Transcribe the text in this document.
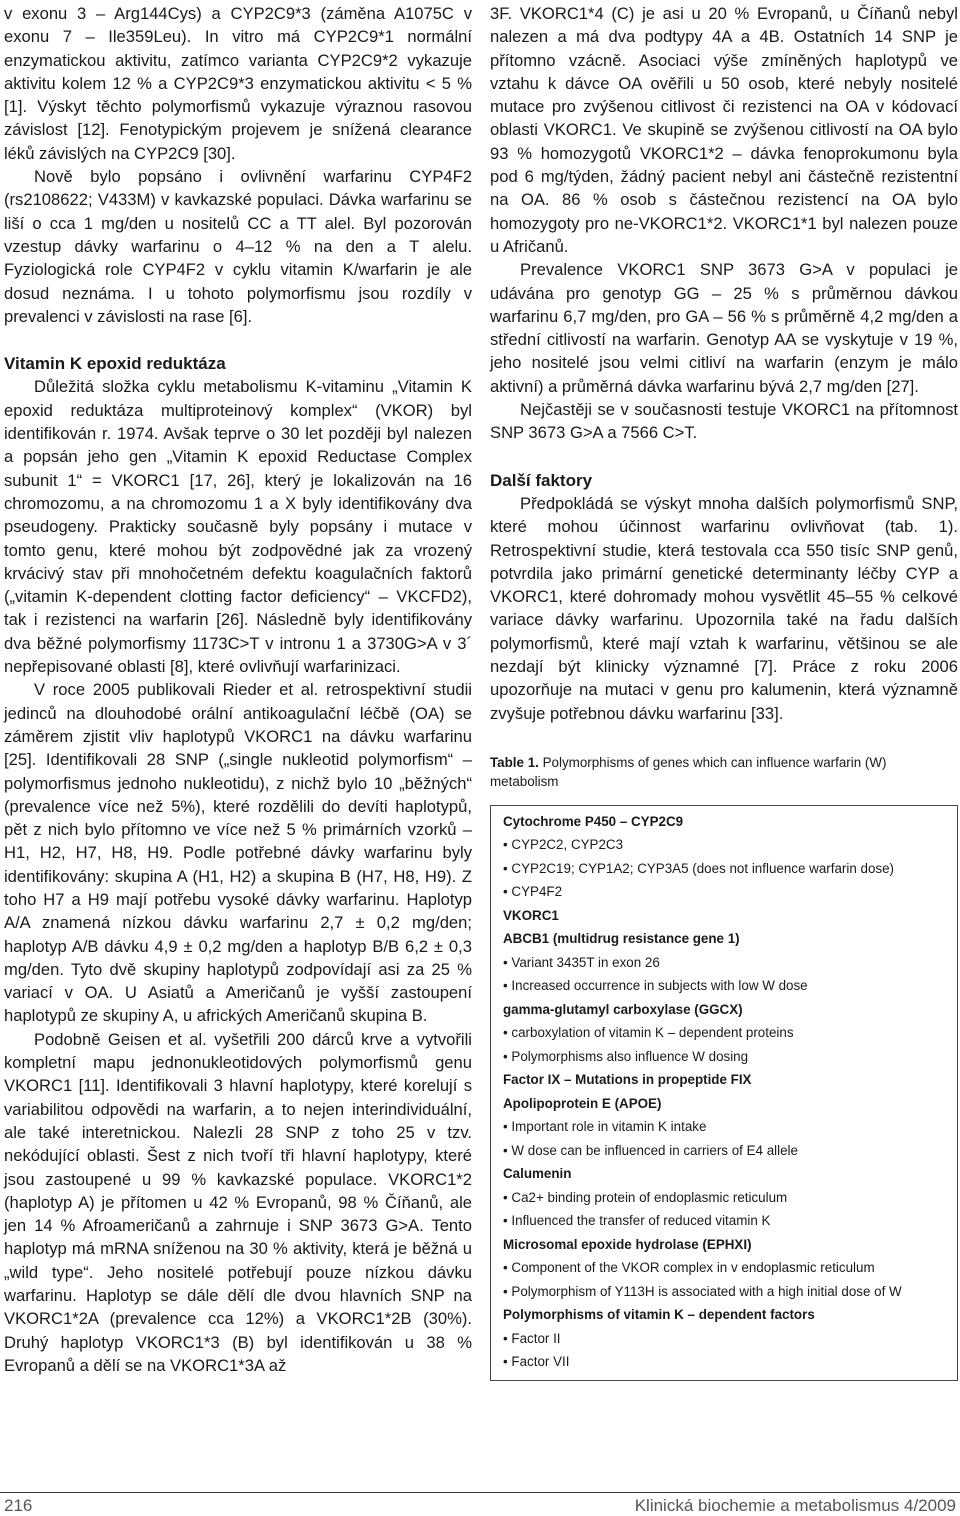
v exonu 3 – Arg144Cys) a CYP2C9*3 (záměna A1075C v exonu 7 – Ile359Leu). In vitro má CYP2C9*1 normální enzymatickou aktivitu, zatímco varianta CYP2C9*2 vykazuje aktivitu kolem 12 % a CYP2C9*3 enzymatickou aktivitu < 5 % [1]. Výskyt těchto polymorfismů vykazuje výraznou rasovou závislost [12]. Fenotypickým projevem je snížená clearance léků závislých na CYP2C9 [30].

Nově bylo popsáno i ovlivnění warfarinu CYP4F2 (rs2108622; V433M) v kavkazské populaci. Dávka warfarinu se liší o cca 1 mg/den u nositelů CC a TT alel. Byl pozorován vzestup dávky warfarinu o 4–12 % na den a T alelu. Fyziologická role CYP4F2 v cyklu vitamin K/warfarin je ale dosud neznáma. I u tohoto polymorfismu jsou rozdíly v prevalenci v závislosti na rase [6].

Vitamin K epoxid reduktáza

Důležitá složka cyklu metabolismu K-vitaminu „Vitamin K epoxid reduktáza multiproteinový komplex“ (VKOR) byl identifikován r. 1974. Avšak teprve o 30 let později byl nalezen a popsán jeho gen „Vitamin K epoxid Reductase Complex subunit 1“ = VKORC1 [17, 26], který je lokalizován na 16 chromozomu, a na chromozomu 1 a X byly identifikovány dva pseudogeny. Prakticky současně byly popsány i mutace v tomto genu, které mohou být zodpovědné jak za vrozený krvácivý stav při mnohočetném defektu koagulačních faktorů („vitamin K-dependent clotting factor deficiency“ – VKCFD2), tak i rezistenci na warfarin [26]. Následně byly identifikovány dva běžné polymorfismy 1173C>T v intronu 1 a 3730G>A v 3´ nepřepisované oblasti [8], které ovlivňují warfarinizaci.

V roce 2005 publikovali Rieder et al. retrospektivní studii jedinců na dlouhodobé orální antikoagulační léčbě (OA) se záměrem zjistit vliv haplotypů VKORC1 na dávku warfarinu [25]. Identifikovali 28 SNP („single nukleotid polymorfism“ – polymorfismus jednoho nukleotidu), z nichž bylo 10 „běžných“ (prevalence více než 5%), které rozdělili do devíti haplotypů, pět z nich bylo přítomno ve více než 5 % primárních vzorků – H1, H2, H7, H8, H9. Podle potřebné dávky warfarinu byly identifikovány: skupina A (H1, H2) a skupina B (H7, H8, H9). Z toho H7 a H9 mají potřebu vysoké dávky warfarinu. Haplotyp A/A znamená nízkou dávku warfarinu 2,7 ± 0,2 mg/den; haplotyp A/B dávku 4,9 ± 0,2 mg/den a haplotyp B/B 6,2 ± 0,3 mg/den. Tyto dvě skupiny haplotypů zodpovídají asi za 25 % variací v OA. U Asiatů a Američanů je vyšší zastoupení haplotypů ze skupiny A, u afrických Američanů skupina B.

Podobně Geisen et al. vyšetřili 200 dárců krve a vytvořili kompletní mapu jednonukleotidových polymorfismů genu VKORC1 [11]. Identifikovali 3 hlavní haplotypy, které korelují s variabilitou odpovědi na warfarin, a to nejen interindividuální, ale také interetnickou. Nalezli 28 SNP z toho 25 v tzv. nekódující oblasti. Šest z nich tvoří tři hlavní haplotypy, které jsou zastoupené u 99 % kavkazské populace. VKORC1*2 (haplotyp A) je přítomen u 42 % Evropanů, 98 % Číňanů, ale jen 14 % Afroameričanů a zahrnuje i SNP 3673 G>A. Tento haplotyp má mRNA sníženou na 30 % aktivity, která je běžná u „wild type“. Jeho nositelé potřebují pouze nízkou dávku warfarinu. Haplotyp se dále dělí dle dvou hlavních SNP na VKORC1*2A (prevalence cca 12%) a VKORC1*2B (30%). Druhý haplotyp VKORC1*3 (B) byl identifikován u 38 % Evropanů a dělí se na VKORC1*3A až

3F. VKORC1*4 (C) je asi u 20 % Evropanů, u Číňanů nebyl nalezen a má dva podtypy 4A a 4B. Ostatních 14 SNP je přítomno vzácně. Asociaci výše zmíněných haplotypů ve vztahu k dávce OA ověřili u 50 osob, které nebyly nositelé mutace pro zvýšenou citlivost či rezistenci na OA v kódovací oblasti VKORC1. Ve skupině se zvýšenou citlivostí na OA bylo 93 % homozygotů VKORC1*2 – dávka fenoprokumonu byla pod 6 mg/týden, žádný pacient nebyl ani částečně rezistentní na OA. 86 % osob s částečnou rezistencí na OA bylo homozygoty pro ne-VKORC1*2. VKORC1*1 byl nalezen pouze u Afričanů.

Prevalence VKORC1 SNP 3673 G>A v populaci je udávána pro genotyp GG – 25 % s průměrnou dávkou warfarinu 6,7 mg/den, pro GA – 56 % s průměrně 4,2 mg/den a střední citlivostí na warfarin. Genotyp AA se vyskytuje v 19 %, jeho nositelé jsou velmi citliví na warfarin (enzym je málo aktivní) a průměrná dávka warfarinu bývá 2,7 mg/den [27].

Nejčastěji se v současnosti testuje VKORC1 na přítomnost SNP 3673 G>A a 7566 C>T.

Další faktory

Předpokládá se výskyt mnoha dalších polymorfismů SNP, které mohou účinnost warfarinu ovlivňovat (tab. 1). Retrospektivní studie, která testovala cca 550 tisíc SNP genů, potvrdila jako primární genetické determinanty léčby CYP a VKORC1, které dohromady mohou vysvětlit 45–55 % celkové variace dávky warfarinu. Upozornila také na řadu dalších polymorfismů, které mají vztah k warfarinu, většinou se ale nezdají být klinicky významné [7]. Práce z roku 2006 upozorňuje na mutaci v genu pro kalumenin, která významně zvyšuje potřebnou dávku warfarinu [33].

Table 1. Polymorphisms of genes which can influence warfarin (W) metabolism

Cytochrome P450 – CYP2C9
• CYP2C2, CYP2C3
• CYP2C19; CYP1A2; CYP3A5 (does not influence warfarin dose)
• CYP4F2
VKORC1
ABCB1 (multidrug resistance gene 1)
• Variant 3435T in exon 26
• Increased occurrence in subjects with low W dose
gamma-glutamyl carboxylase (GGCX)
• carboxylation of vitamin K – dependent proteins
• Polymorphisms also influence W dosing
Factor IX – Mutations in propeptide FIX
Apolipoprotein E (APOE)
• Important role in vitamin K intake
• W dose can be influenced in carriers of E4 allele
Calumenin
• Ca2+ binding protein of endoplasmic reticulum
• Influenced the transfer of reduced vitamin K
Microsomal epoxide hydrolase (EPHXI)
• Component of the VKOR complex in v endoplasmic reticulum
• Polymorphism of Y113H is associated with a high initial dose of W
Polymorphisms of vitamin K – dependent factors
• Factor II
• Factor VII
216	Klinická biochemie a metabolismus 4/2009
